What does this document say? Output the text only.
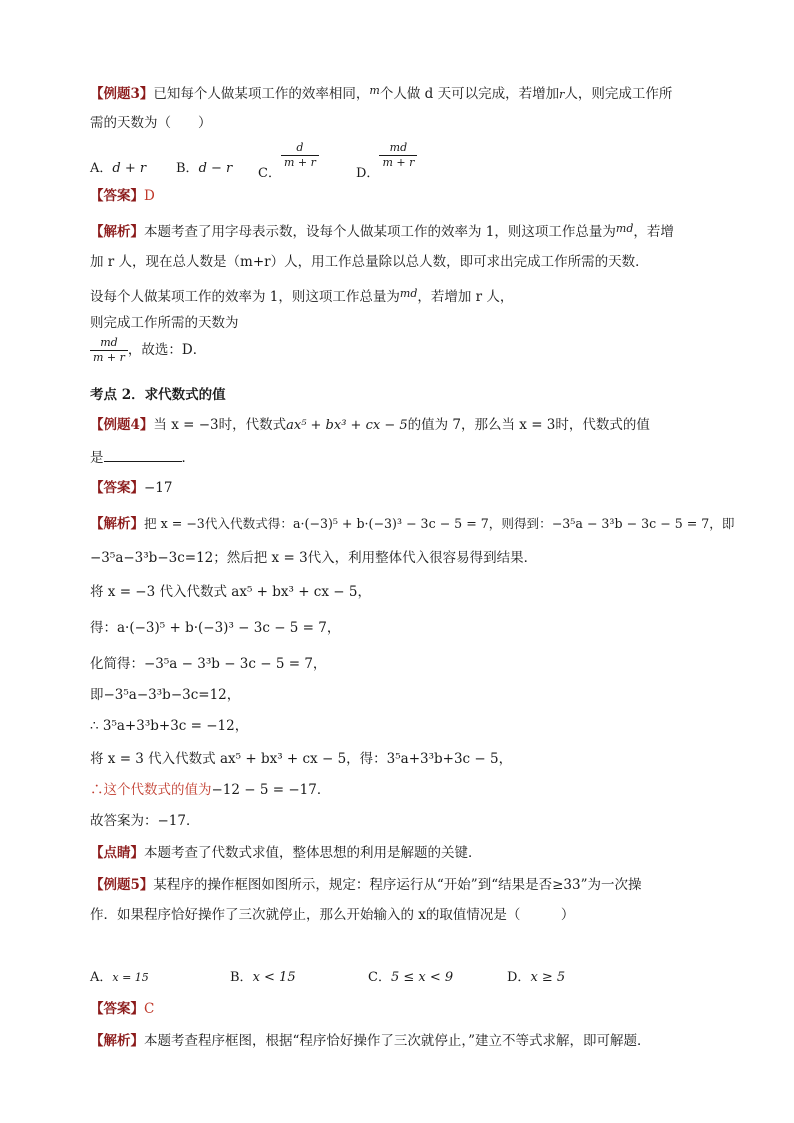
【例题3】已知每个人做某项工作的效率相同，$^m$个人做 d 天可以完成，若增加r人，则完成工作所
需的天数为（　　）
A．d + r B．d − r C．
$\frac{d}{m + r}$
D．
$\frac{md}{m + r}$
【答案】D
【解析】本题考查了用字母表示数，设每个人做某项工作的效率为 1，则这项工作总量为$^{md}$，若增
加 r 人，现在总人数是（m+r）人，用工作总量除以总人数，即可求出完成工作所需的天数．
设每个人做某项工作的效率为 1，则这项工作总量为$^{md}$，若增加 r 人，
则完成工作所需的天数为
$\frac{md}{m + r}$ ，故选：D．
考点 2．求代数式的值
【例题4】当 x = −3时，代数式ax⁵ + bx³ + cx − 5的值为 7，那么当 x = 3时，代数式的值
是	．
【答案】−17
【解析】把 x = −3代入代数式得：a·(−3)⁵ + b·(−3)³ − 3c − 5 = 7，则得到：−3⁵a − 3³b − 3c − 5 = 7，即
−3⁵a−3³b−3c=12；然后把 x = 3代入，利用整体代入很容易得到结果．
将 x = −3 代入代数式 ax⁵ + bx³ + cx − 5，
得：a·(−3)⁵ + b·(−3)³ − 3c − 5 = 7，
化简得：−3⁵a − 3³b − 3c − 5 = 7，
即−3⁵a−3³b−3c=12，
∴ 3⁵a+3³b+3c = −12，
将 x = 3 代入代数式 ax⁵ + bx³ + cx − 5，得：3⁵a+3³b+3c − 5，
∴这个代数式的值为−12 − 5 = −17．
故答案为：−17．
【点睛】本题考查了代数式求值，整体思想的利用是解题的关键．
【例题5】某程序的操作框图如图所示，规定：程序运行从“开始”到“结果是否≥33”为一次操
作．如果程序恰好操作了三次就停止，那么开始输入的 x的取值情况是（　　　）
A．x = 15	B．x < 15	C．5 ≤ x < 9	D．x ≥ 5
【答案】C
【解析】本题考查程序框图，根据“程序恰好操作了三次就停止，”建立不等式求解，即可解题．
